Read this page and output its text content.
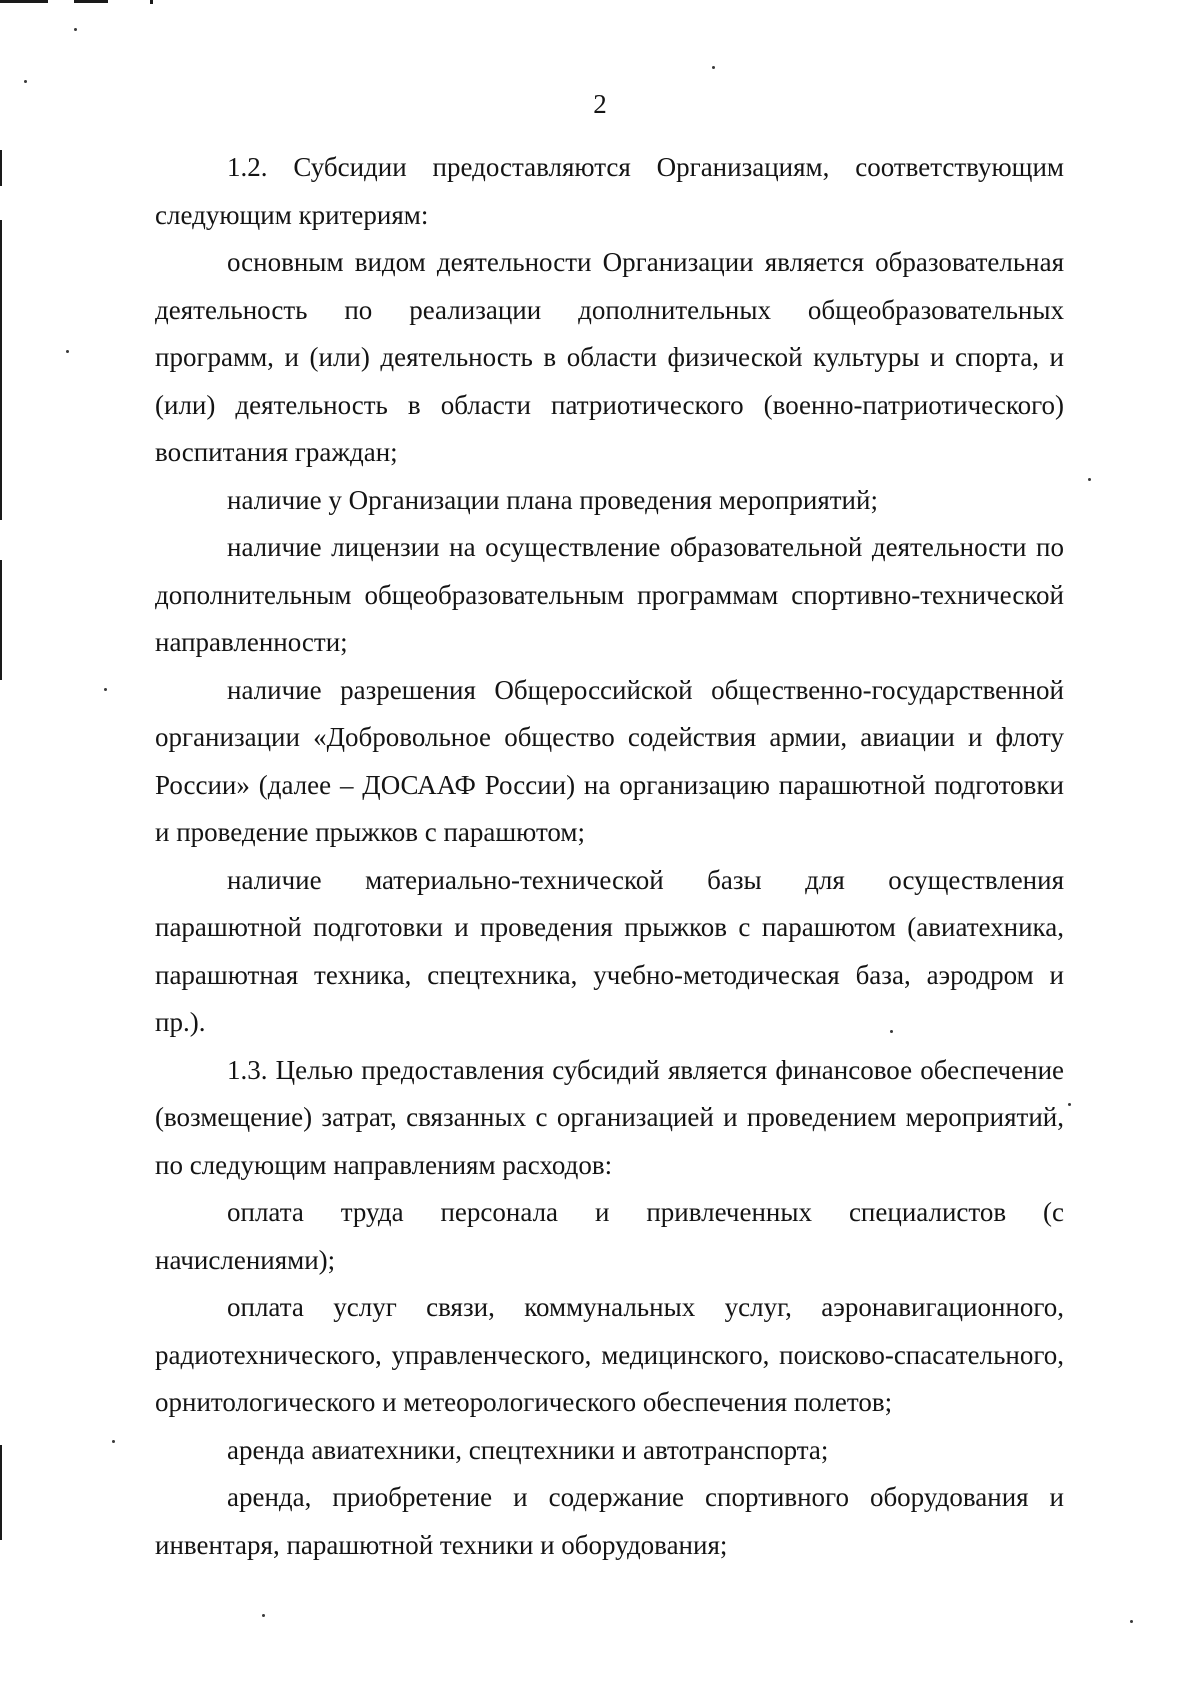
2

1.2. Субсидии предоставляются Организациям, соответствующим следующим критериям:

основным видом деятельности Организации является образовательная деятельность по реализации дополнительных общеобразовательных программ, и (или) деятельность в области физической культуры и спорта, и (или) деятельность в области патриотического (военно-патриотического) воспитания граждан;

наличие у Организации плана проведения мероприятий;

наличие лицензии на осуществление образовательной деятельности по дополнительным общеобразовательным программам спортивно-технической направленности;

наличие разрешения Общероссийской общественно-государственной организации «Добровольное общество содействия армии, авиации и флоту России» (далее – ДОСААФ России) на организацию парашютной подготовки и проведение прыжков с парашютом;

наличие материально-технической базы для осуществления парашютной подготовки и проведения прыжков с парашютом (авиатехника, парашютная техника, спецтехника, учебно-методическая база, аэродром и пр.).

1.3. Целью предоставления субсидий является финансовое обеспечение (возмещение) затрат, связанных с организацией и проведением мероприятий, по следующим направлениям расходов:

оплата труда персонала и привлеченных специалистов (с начислениями);

оплата услуг связи, коммунальных услуг, аэронавигационного, радиотехнического, управленческого, медицинского, поисково-спасательного, орнитологического и метеорологического обеспечения полетов;

аренда авиатехники, спецтехники и автотранспорта;

аренда, приобретение и содержание спортивного оборудования и инвентаря, парашютной техники и оборудования;
